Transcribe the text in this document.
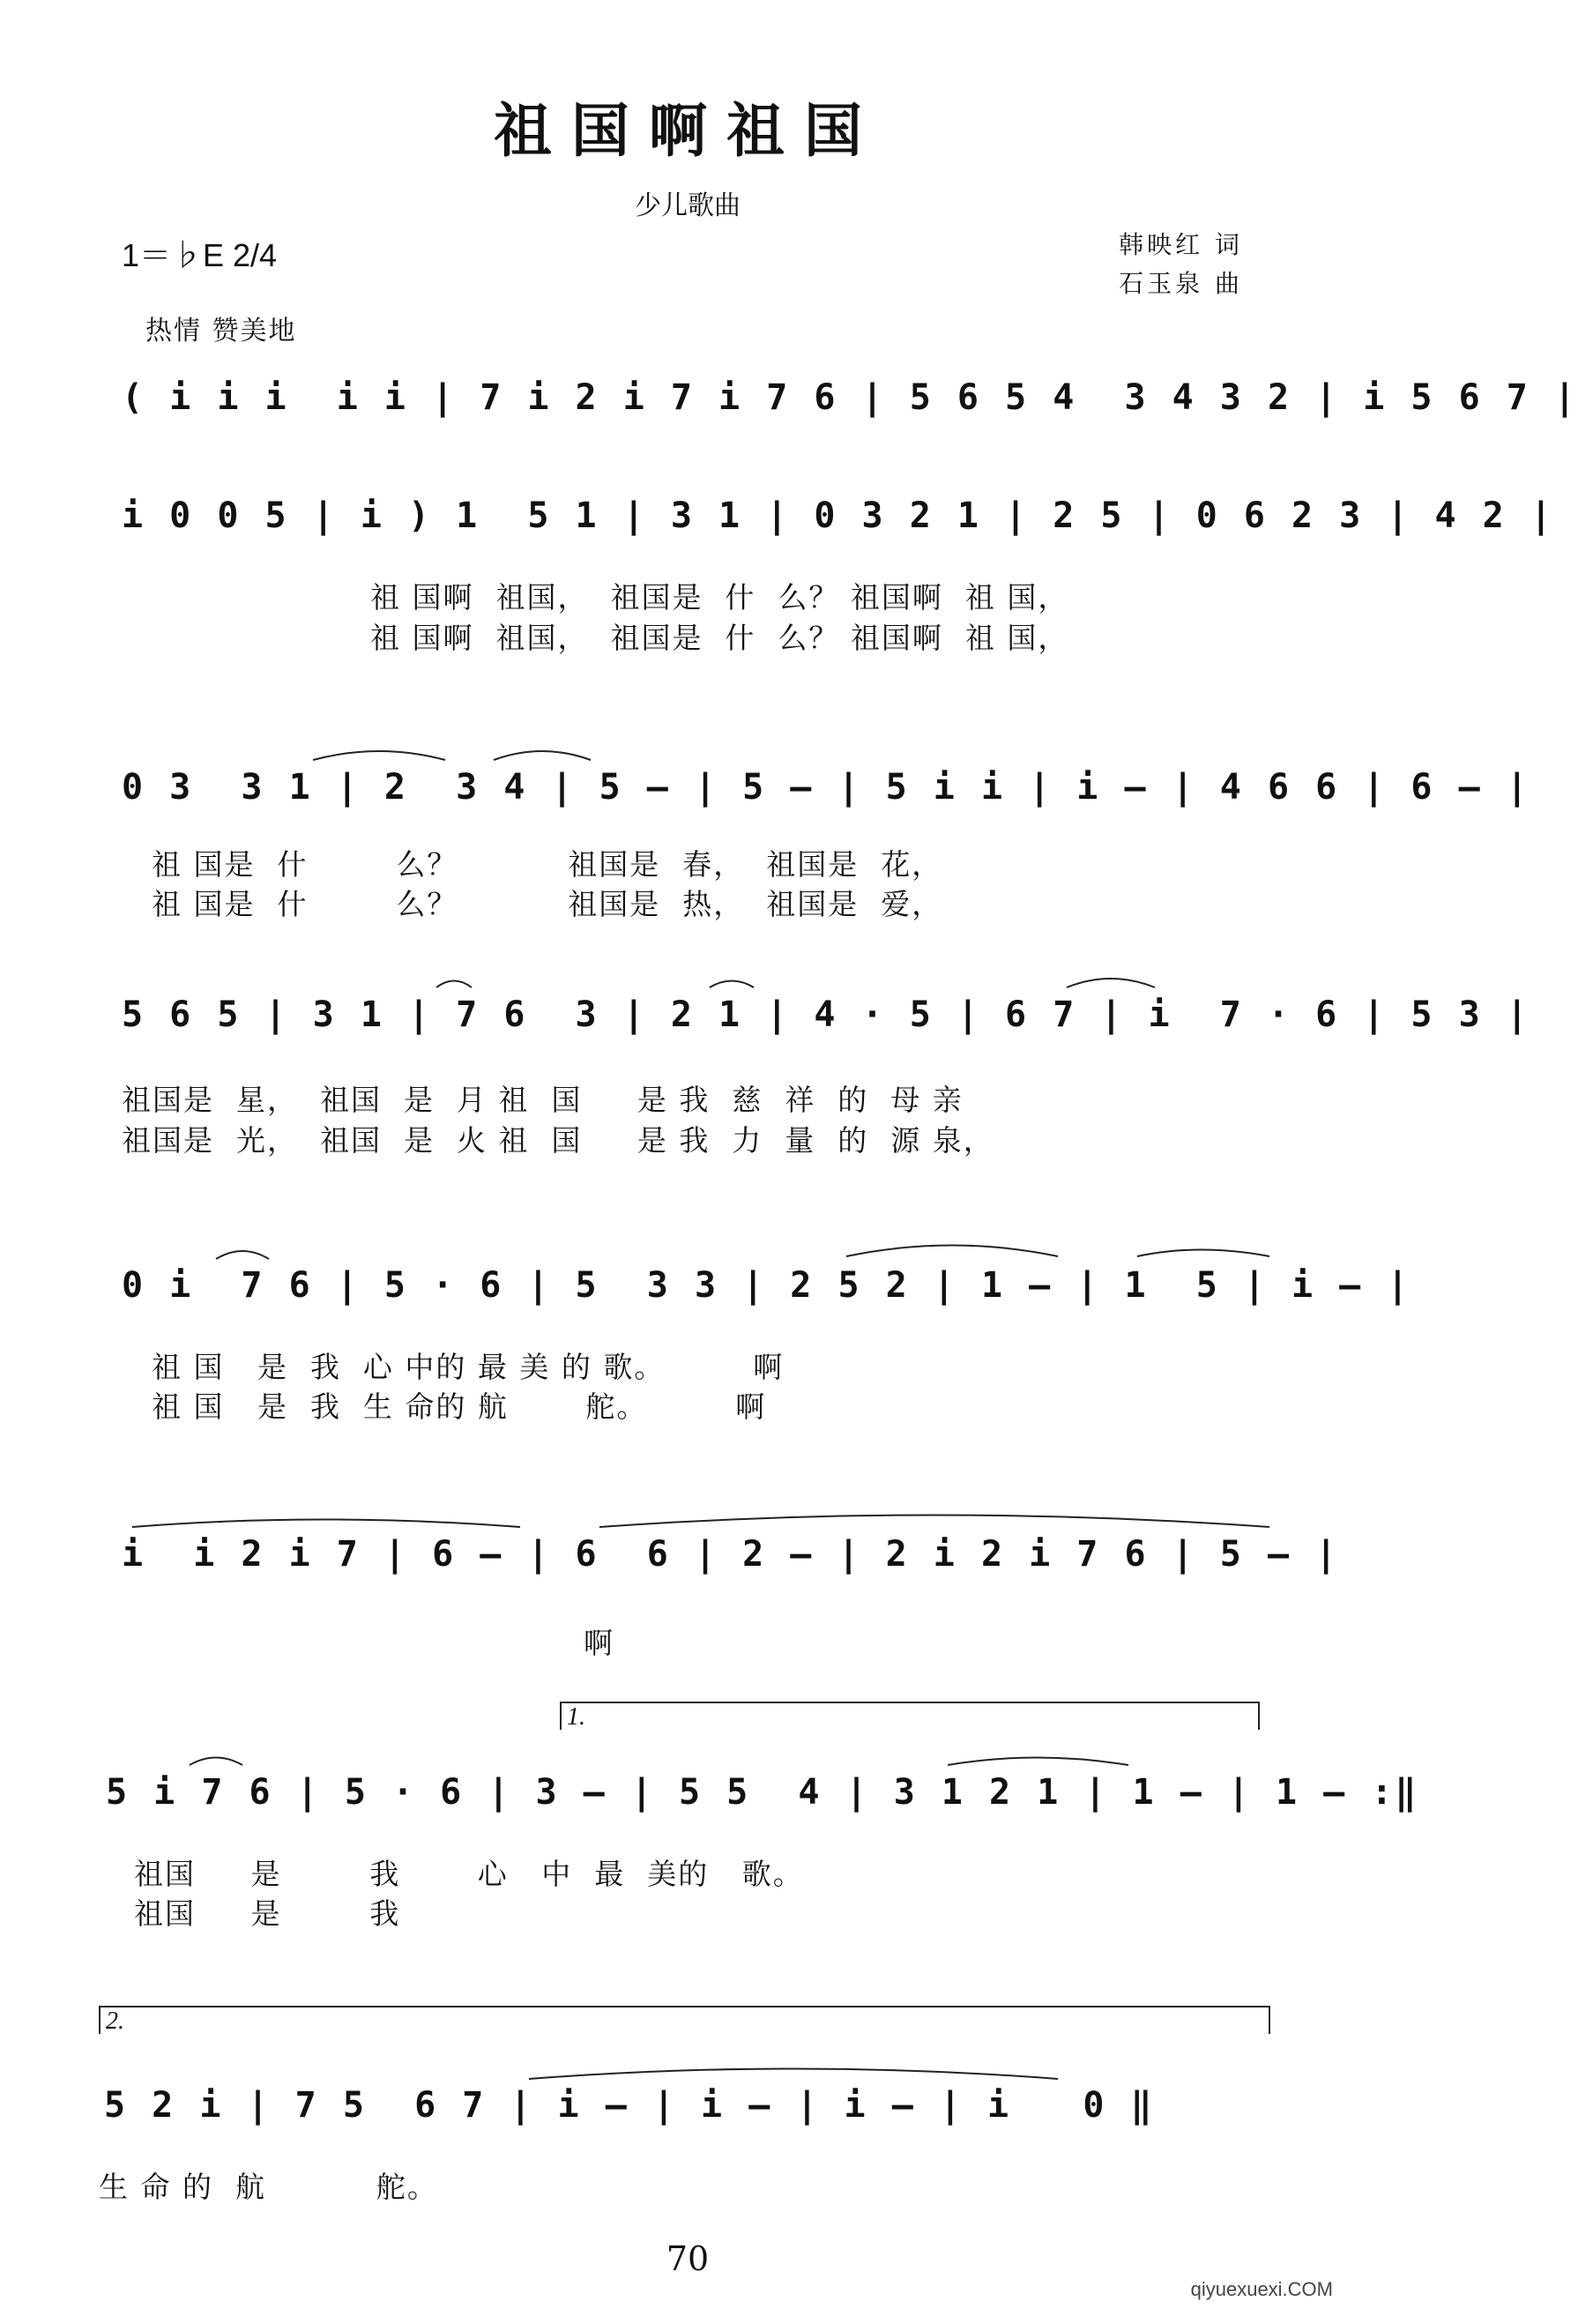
祖国啊祖国
少儿歌曲
1＝♭E 2/4	韩映红 词
石玉泉 曲
热情 赞美地
( i i i  i i | 7 i 2 i 7 i 7 6 | 5 6 5 4  3 4 3 2 | i 5 6 7 |
i 0 0 5 | i ) 1  5 1 | 3 1 | 0 3 2 1 | 2 5 | 0 6 2 3 | 4 2 |
祖 国啊  祖国，  祖国是  什  么？ 祖国啊  祖 国，
祖 国啊  祖国，  祖国是  什  么？ 祖国啊  祖 国，
0 3  3 1 | 2  3 4 | 5 — | 5 — | 5 i i | i — | 4 6 6 | 6 — |
祖 国是  什        么？          祖国是  春，  祖国是  花，
祖 国是  什        么？          祖国是  热，  祖国是  爱，
5 6 5 | 3 1 | 7 6  3 | 2 1 | 4 · 5 | 6 7 | i  7 · 6 | 5 3 |
祖国是  星，  祖国  是  月 祖  国     是 我  慈  祥  的  母 亲
祖国是  光，  祖国  是  火 祖  国     是 我  力  量  的  源 泉，
0 i  7 6 | 5 · 6 | 5  3 3 | 2 5 2 | 1 — | 1  5 | i — |
祖 国   是  我  心 中的 最 美 的 歌。        啊
祖 国   是  我  生 命的 航       舵。        啊
i  i 2 i 7 | 6 — | 6  6 | 2 — | 2 i 2 i 7 6 | 5 — |
啊
1.
5 i 7 6 | 5 · 6 | 3 — | 5 5  4 | 3 1 2 1 | 1 — | 1 — :‖
祖国     是        我       心   中  最  美的   歌。
祖国     是        我
2.
5 2 i | 7 5  6 7 | i — | i — | i — | i   0 ‖
生 命 的  航          舵。
70
qiyuexuexi.COM
